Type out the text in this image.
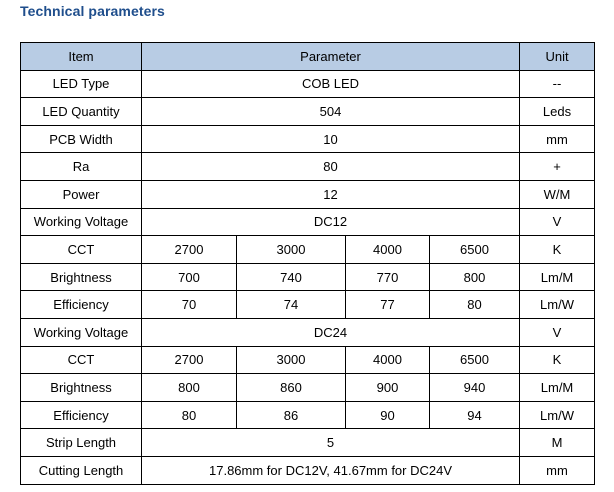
Technical parameters
Item	Parameter				Unit
LED Type	COB LED				--
LED Quantity	504				Leds
PCB Width	10				mm
Ra	80				+
Power	12				W/M
Working Voltage	DC12				V
CCT	2700	3000	4000	6500	K
Brightness	700	740	770	800	Lm/M
Efficiency	70	74	77	80	Lm/W
Working Voltage	DC24				V
CCT	2700	3000	4000	6500	K
Brightness	800	860	900	940	Lm/M
Efficiency	80	86	90	94	Lm/W
Strip Length	5				M
Cutting Length	17.86mm for DC12V, 41.67mm for DC24V				mm
